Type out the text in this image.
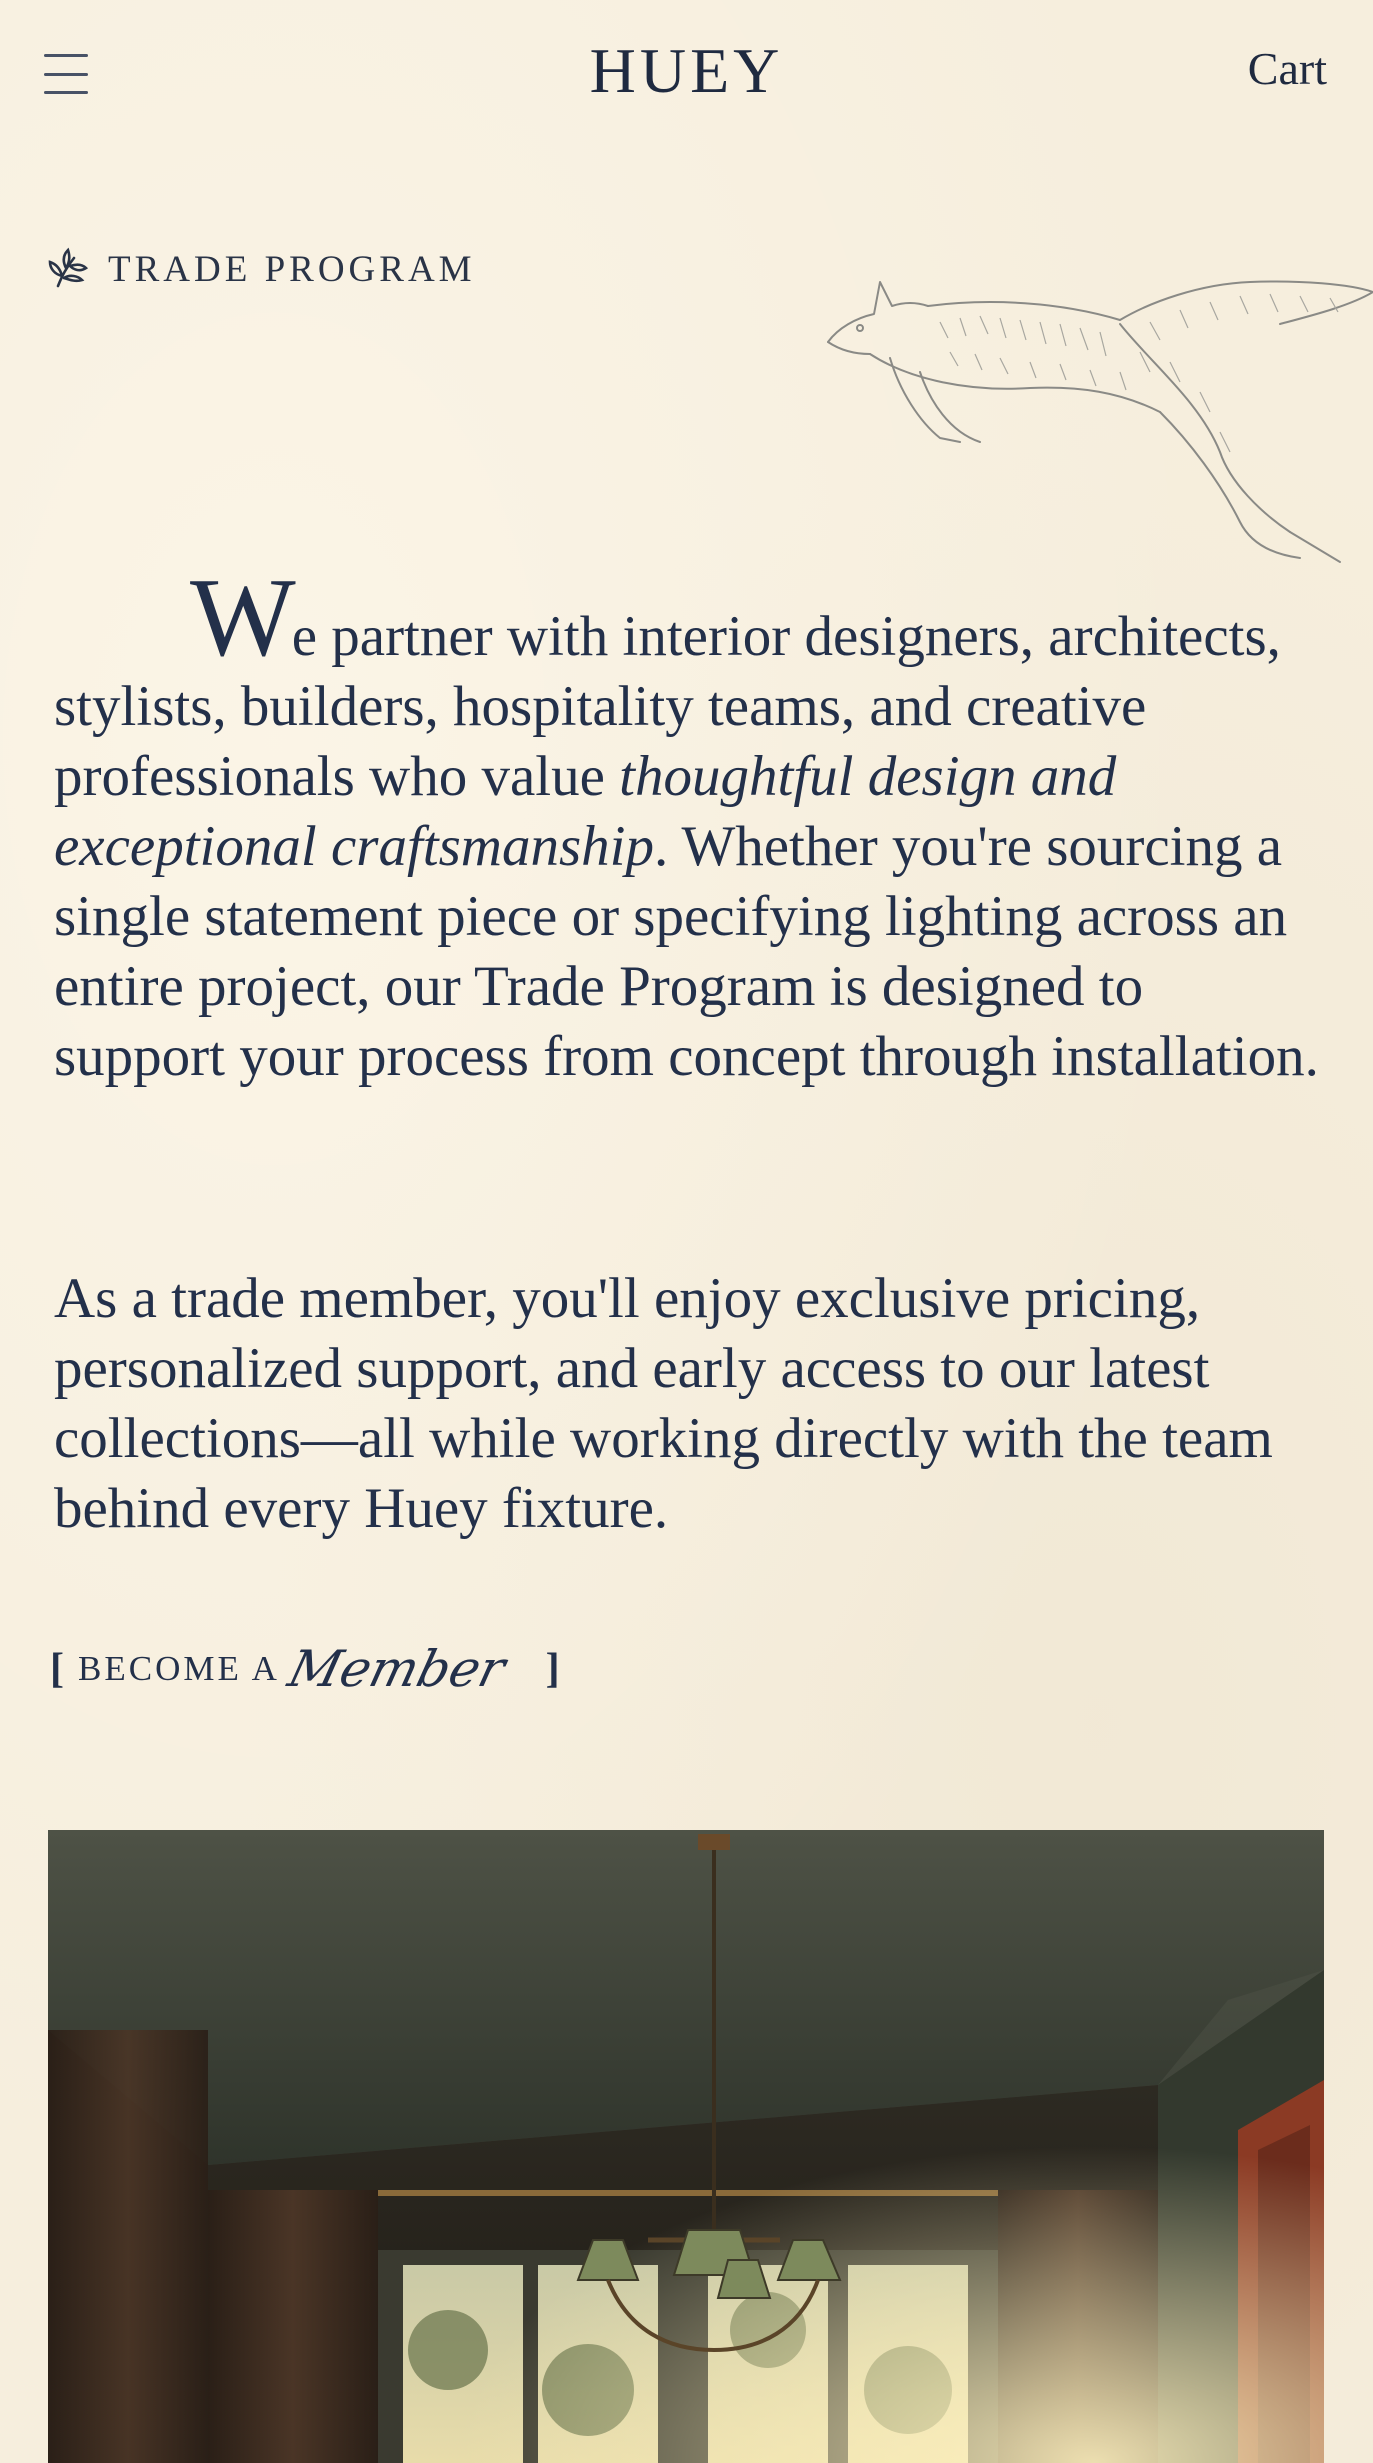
HUEY	Cart
TRADE PROGRAM

We partner with interior designers, architects, stylists, builders, hospitality teams, and creative professionals who value thoughtful design and exceptional craftsmanship. Whether you're sourcing a single statement piece or specifying lighting across an entire project, our Trade Program is designed to support your process from concept through installation.

As a trade member, you'll enjoy exclusive pricing, personalized support, and early access to our latest collections—all while working directly with the team behind every Huey fixture.

[ BECOME A Member ]
